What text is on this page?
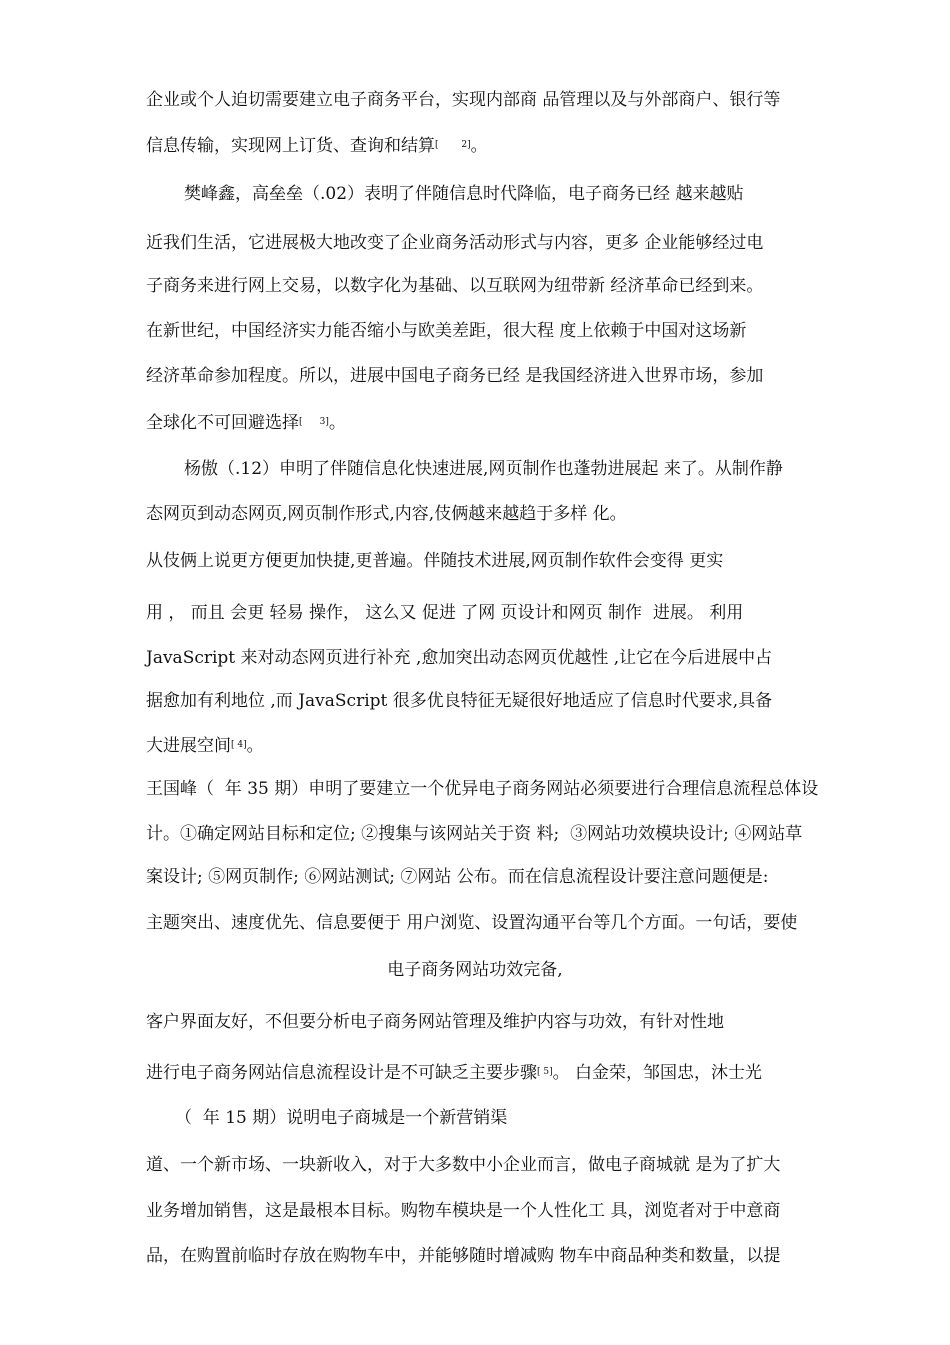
企业或个人迫切需要建立电子商务平台，实现内部商 品管理以及与外部商户、银行等
信息传输，实现网上订货、查询和结算[        2]。
樊峰鑫，高垒垒（.02）表明了伴随信息时代降临，电子商务已经 越来越贴
近我们生活，它进展极大地改变了企业商务活动形式与内容，更多 企业能够经过电
子商务来进行网上交易，以数字化为基础、以互联网为纽带新 经济革命已经到来。
在新世纪，中国经济实力能否缩小与欧美差距，很大程 度上依赖于中国对这场新
经济革命参加程度。所以，进展中国电子商务已经 是我国经济进入世界市场，参加
全球化不可回避选择[      3]。
杨傲（.12）申明了伴随信息化快速进展,网页制作也蓬勃进展起 来了。从制作静
态网页到动态网页,网页制作形式,内容,伎俩越来越趋于多样 化。
从伎俩上说更方便更加快捷,更普遍。伴随技术进展,网页制作软件会变得 更实
用 ， 而且 会更 轻易 操作， 这么又 促进 了网 页设计和网页 制作  进展。 利用
JavaScript 来对动态网页进行补充 ,愈加突出动态网页优越性 ,让它在今后进展中占
据愈加有利地位 ,而 JavaScript 很多优良特征无疑很好地适应了信息时代要求,具备
大进展空间[ 4]。
王国峰（  年 35 期）申明了要建立一个优异电子商务网站必须要进行合理信息流程总体设
计。①确定网站目标和定位; ②搜集与该网站关于资 料;  ③网站功效模块设计; ④网站草
案设计; ⑤网页制作; ⑥网站测试; ⑦网站 公布。而在信息流程设计要注意问题便是:
主题突出、速度优先、信息要便于 用户浏览、设置沟通平台等几个方面。一句话，要使
电子商务网站功效完备,
客户界面友好，不但要分析电子商务网站管理及维护内容与功效，有针对性地
进行电子商务网站信息流程设计是不可缺乏主要步骤[ 5]。 白金荣，邹国忠，沐士光
（  年 15 期）说明电子商城是一个新营销渠
道、一个新市场、一块新收入，对于大多数中小企业而言，做电子商城就 是为了扩大
业务增加销售，这是最根本目标。购物车模块是一个人性化工 具，浏览者对于中意商
品，在购置前临时存放在购物车中，并能够随时增减购 物车中商品种类和数量，以提
